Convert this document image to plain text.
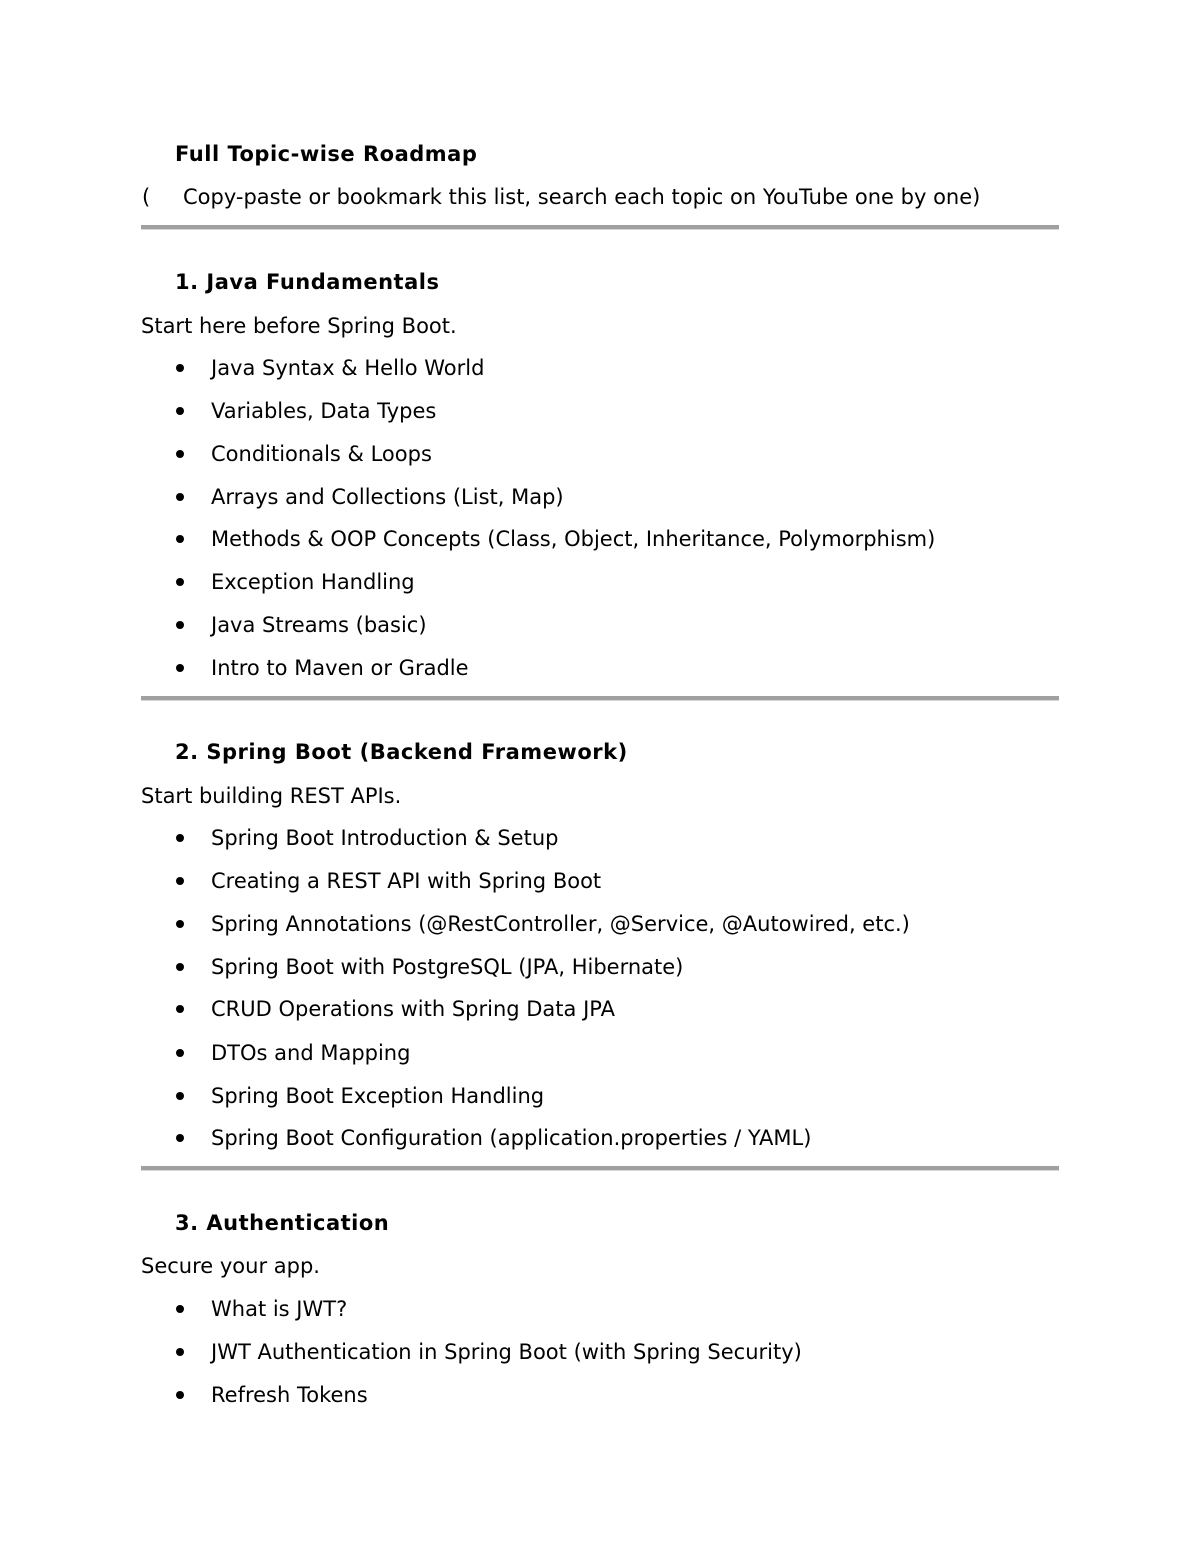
Full Topic-wise Roadmap
( Copy-paste or bookmark this list, search each topic on YouTube one by one)
1. Java Fundamentals
Start here before Spring Boot.
Java Syntax & Hello World
Variables, Data Types
Conditionals & Loops
Arrays and Collections (List, Map)
Methods & OOP Concepts (Class, Object, Inheritance, Polymorphism)
Exception Handling
Java Streams (basic)
Intro to Maven or Gradle
2. Spring Boot (Backend Framework)
Start building REST APIs.
Spring Boot Introduction & Setup
Creating a REST API with Spring Boot
Spring Annotations (@RestController, @Service, @Autowired, etc.)
Spring Boot with PostgreSQL (JPA, Hibernate)
CRUD Operations with Spring Data JPA
DTOs and Mapping
Spring Boot Exception Handling
Spring Boot Configuration (application.properties / YAML)
3. Authentication
Secure your app.
What is JWT?
JWT Authentication in Spring Boot (with Spring Security)
Refresh Tokens
